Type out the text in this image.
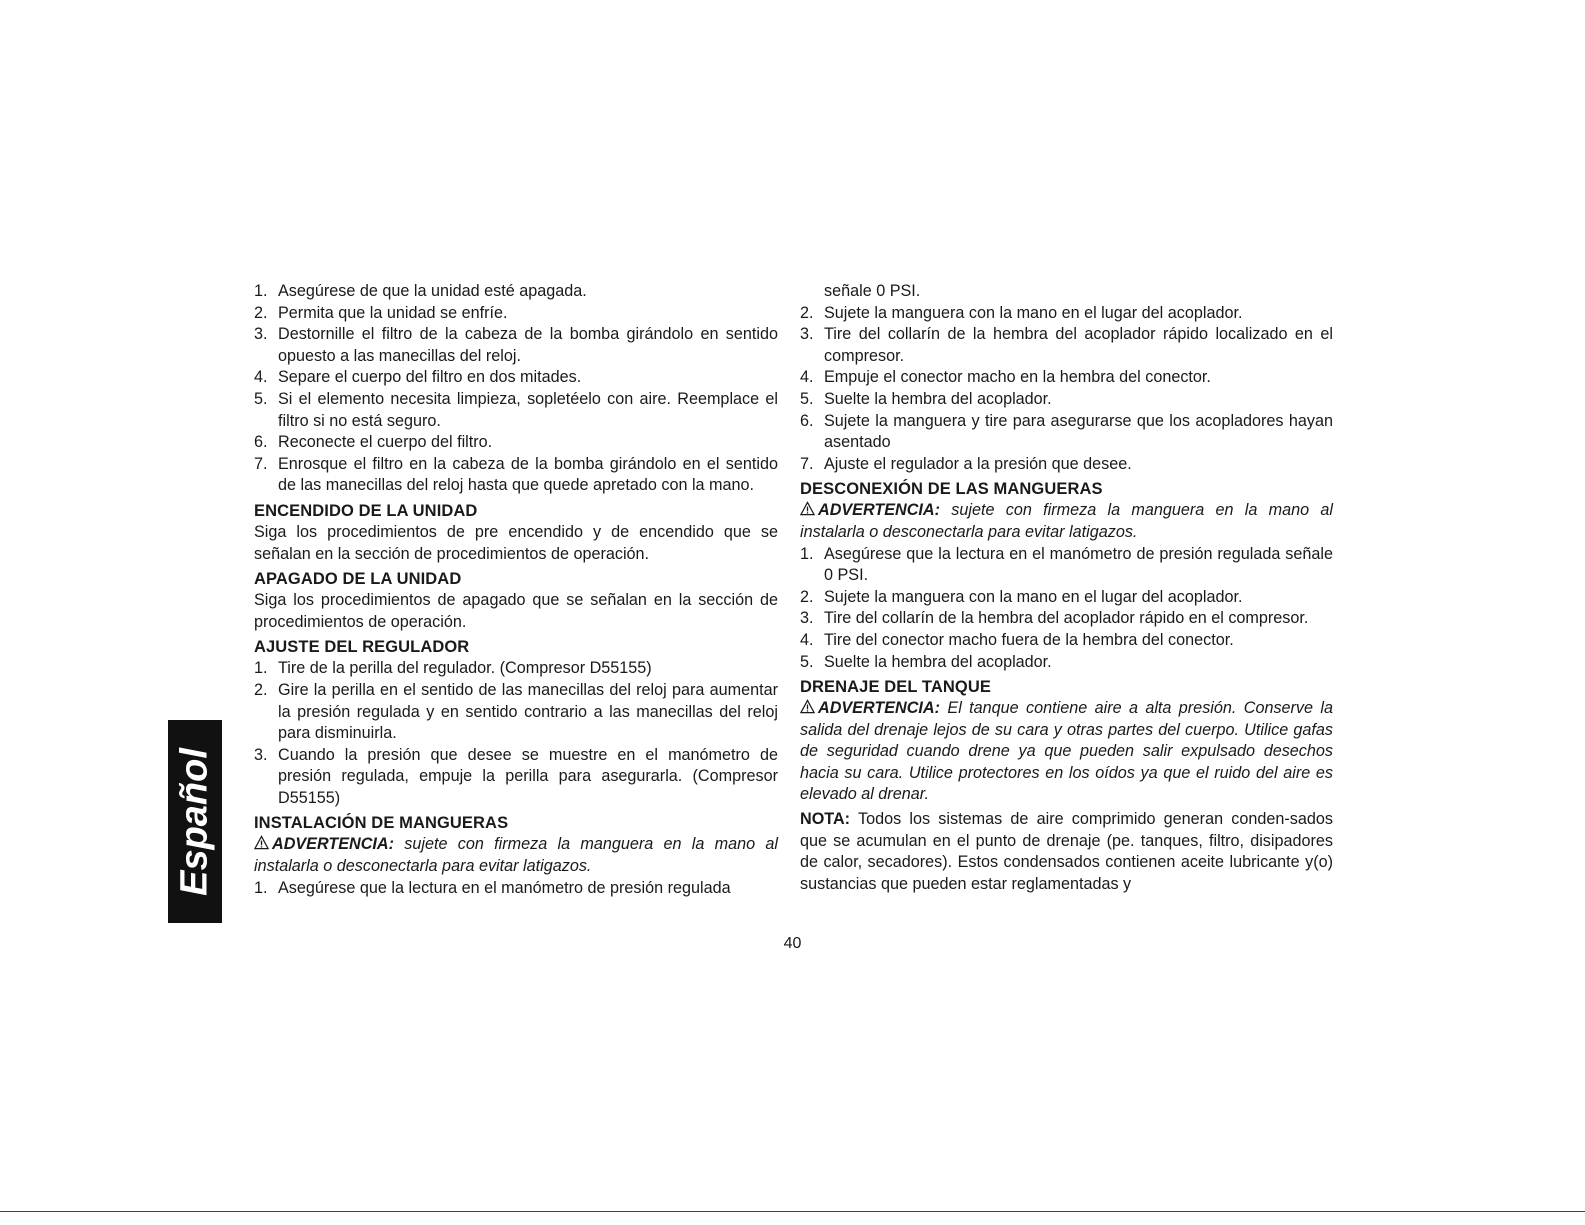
Español
1. Asegúrese de que la unidad esté apagada.
2. Permita que la unidad se enfríe.
3. Destornille el filtro de la cabeza de la bomba girándolo en sentido opuesto a las manecillas del reloj.
4. Separe el cuerpo del filtro en dos mitades.
5. Si el elemento necesita limpieza, sopletéelo con aire. Reemplace el filtro si no está seguro.
6. Reconecte el cuerpo del filtro.
7. Enrosque el filtro en la cabeza de la bomba girándolo en el sentido de las manecillas del reloj hasta que quede apretado con la mano.
ENCENDIDO DE LA UNIDAD

Siga los procedimientos de pre encendido y de encendido que se señalan en la sección de procedimientos de operación.

APAGADO DE LA UNIDAD

Siga los procedimientos de apagado que se señalan en la sección de procedimientos de operación.

AJUSTE DEL REGULADOR
1. Tire de la perilla del regulador. (Compresor D55155)
2. Gire la perilla en el sentido de las manecillas del reloj para aumentar la presión regulada y en sentido contrario a las manecillas del reloj para disminuirla.
3. Cuando la presión que desee se muestre en el manómetro de presión regulada, empuje la perilla para asegurarla. (Compresor D55155)
INSTALACIÓN DE MANGUERAS

ADVERTENCIA: sujete con firmeza la manguera en la mano al instalarla o desconectarla para evitar latigazos.

1. Asegúrese que la lectura en el manómetro de presión regulada
señale 0 PSI.
2. Sujete la manguera con la mano en el lugar del acoplador.
3. Tire del collarín de la hembra del acoplador rápido localizado en el compresor.
4. Empuje el conector macho en la hembra del conector.
5. Suelte la hembra del acoplador.
6. Sujete la manguera y tire para asegurarse que los acopladores hayan asentado
7. Ajuste el regulador a la presión que desee.
DESCONEXIÓN DE LAS MANGUERAS

ADVERTENCIA: sujete con firmeza la manguera en la mano al instalarla o desconectarla para evitar latigazos.

1. Asegúrese que la lectura en el manómetro de presión regulada señale 0 PSI.
2. Sujete la manguera con la mano en el lugar del acoplador.
3. Tire del collarín de la hembra del acoplador rápido en el compresor.
4. Tire del conector macho fuera de la hembra del conector.
5. Suelte la hembra del acoplador.
DRENAJE DEL TANQUE

ADVERTENCIA: El tanque contiene aire a alta presión. Conserve la salida del drenaje lejos de su cara y otras partes del cuerpo. Utilice gafas de seguridad cuando drene ya que pueden salir expulsado desechos hacia su cara. Utilice protectores en los oídos ya que el ruido del aire es elevado al drenar.

NOTA: Todos los sistemas de aire comprimido generan conden-sados que se acumulan en el punto de drenaje (pe. tanques, filtro, disipadores de calor, secadores). Estos condensados contienen aceite lubricante y(o) sustancias que pueden estar reglamentadas y

40
